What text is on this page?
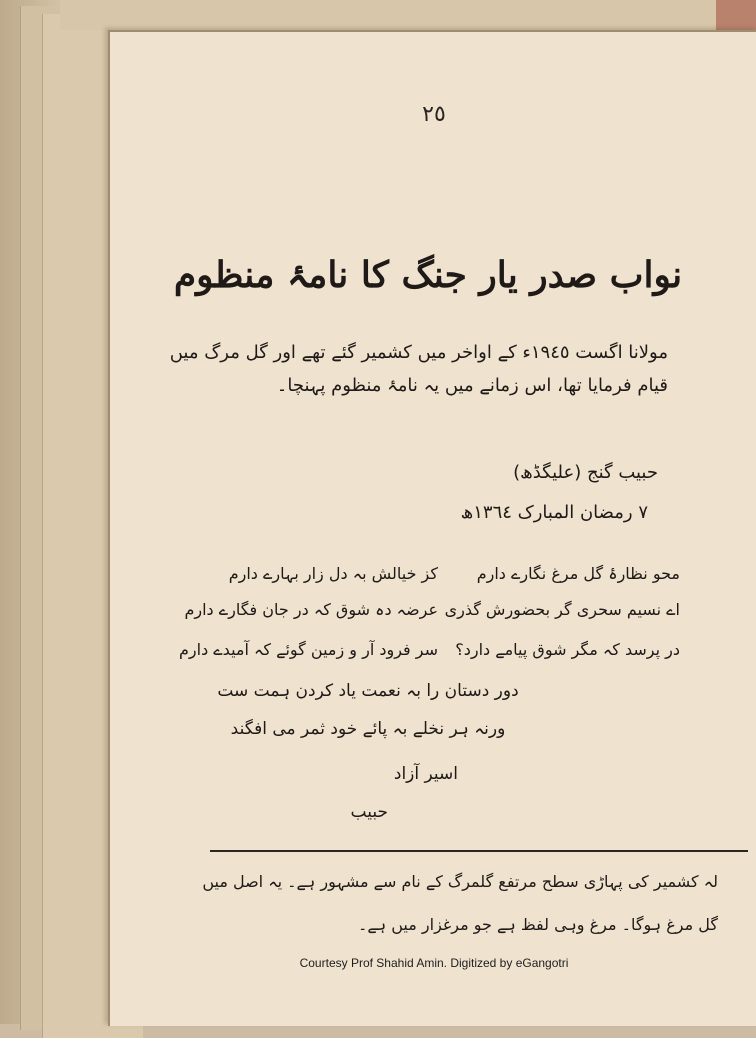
٢٥
نواب صدر یار جنگ کا نامۂ منظوم
مولانا اگست ١٩٤٥ء کے اواخر میں کشمیر گئے تھے اور گل مرگ میں
قیام فرمایا تھا، اس زمانے میں یہ نامۂ منظوم پہنچا۔
حبیب گنج (علیگڈھ)
۷ رمضان المبارک ١٣٦٤ھ
محو نظارۂ گل مرغ نگارے دارم
کز خیالش بہ دل زار بہارے دارم
اے نسیم سحری گر بحضورش گذری
عرضہ دہ شوق کہ در جان فگارے دارم
در پرسد کہ مگر شوق پیامے دارد؟
سر فرود آر و زمین گوئے کہ آمیدے دارم
دور دستان را بہ نعمت یاد کردن ہمت ست
ورنہ ہر نخلے بہ پائے خود ثمر می افگند
اسیر آزاد
حبیب
لہ کشمیر کی پہاڑی سطح مرتفع گلمرگ کے نام سے مشہور ہے۔ یہ اصل میں
گل مرغ ہوگا۔ مرغ وہی لفظ ہے جو مرغزار میں ہے۔
Courtesy Prof Shahid Amin. Digitized by eGangotri
